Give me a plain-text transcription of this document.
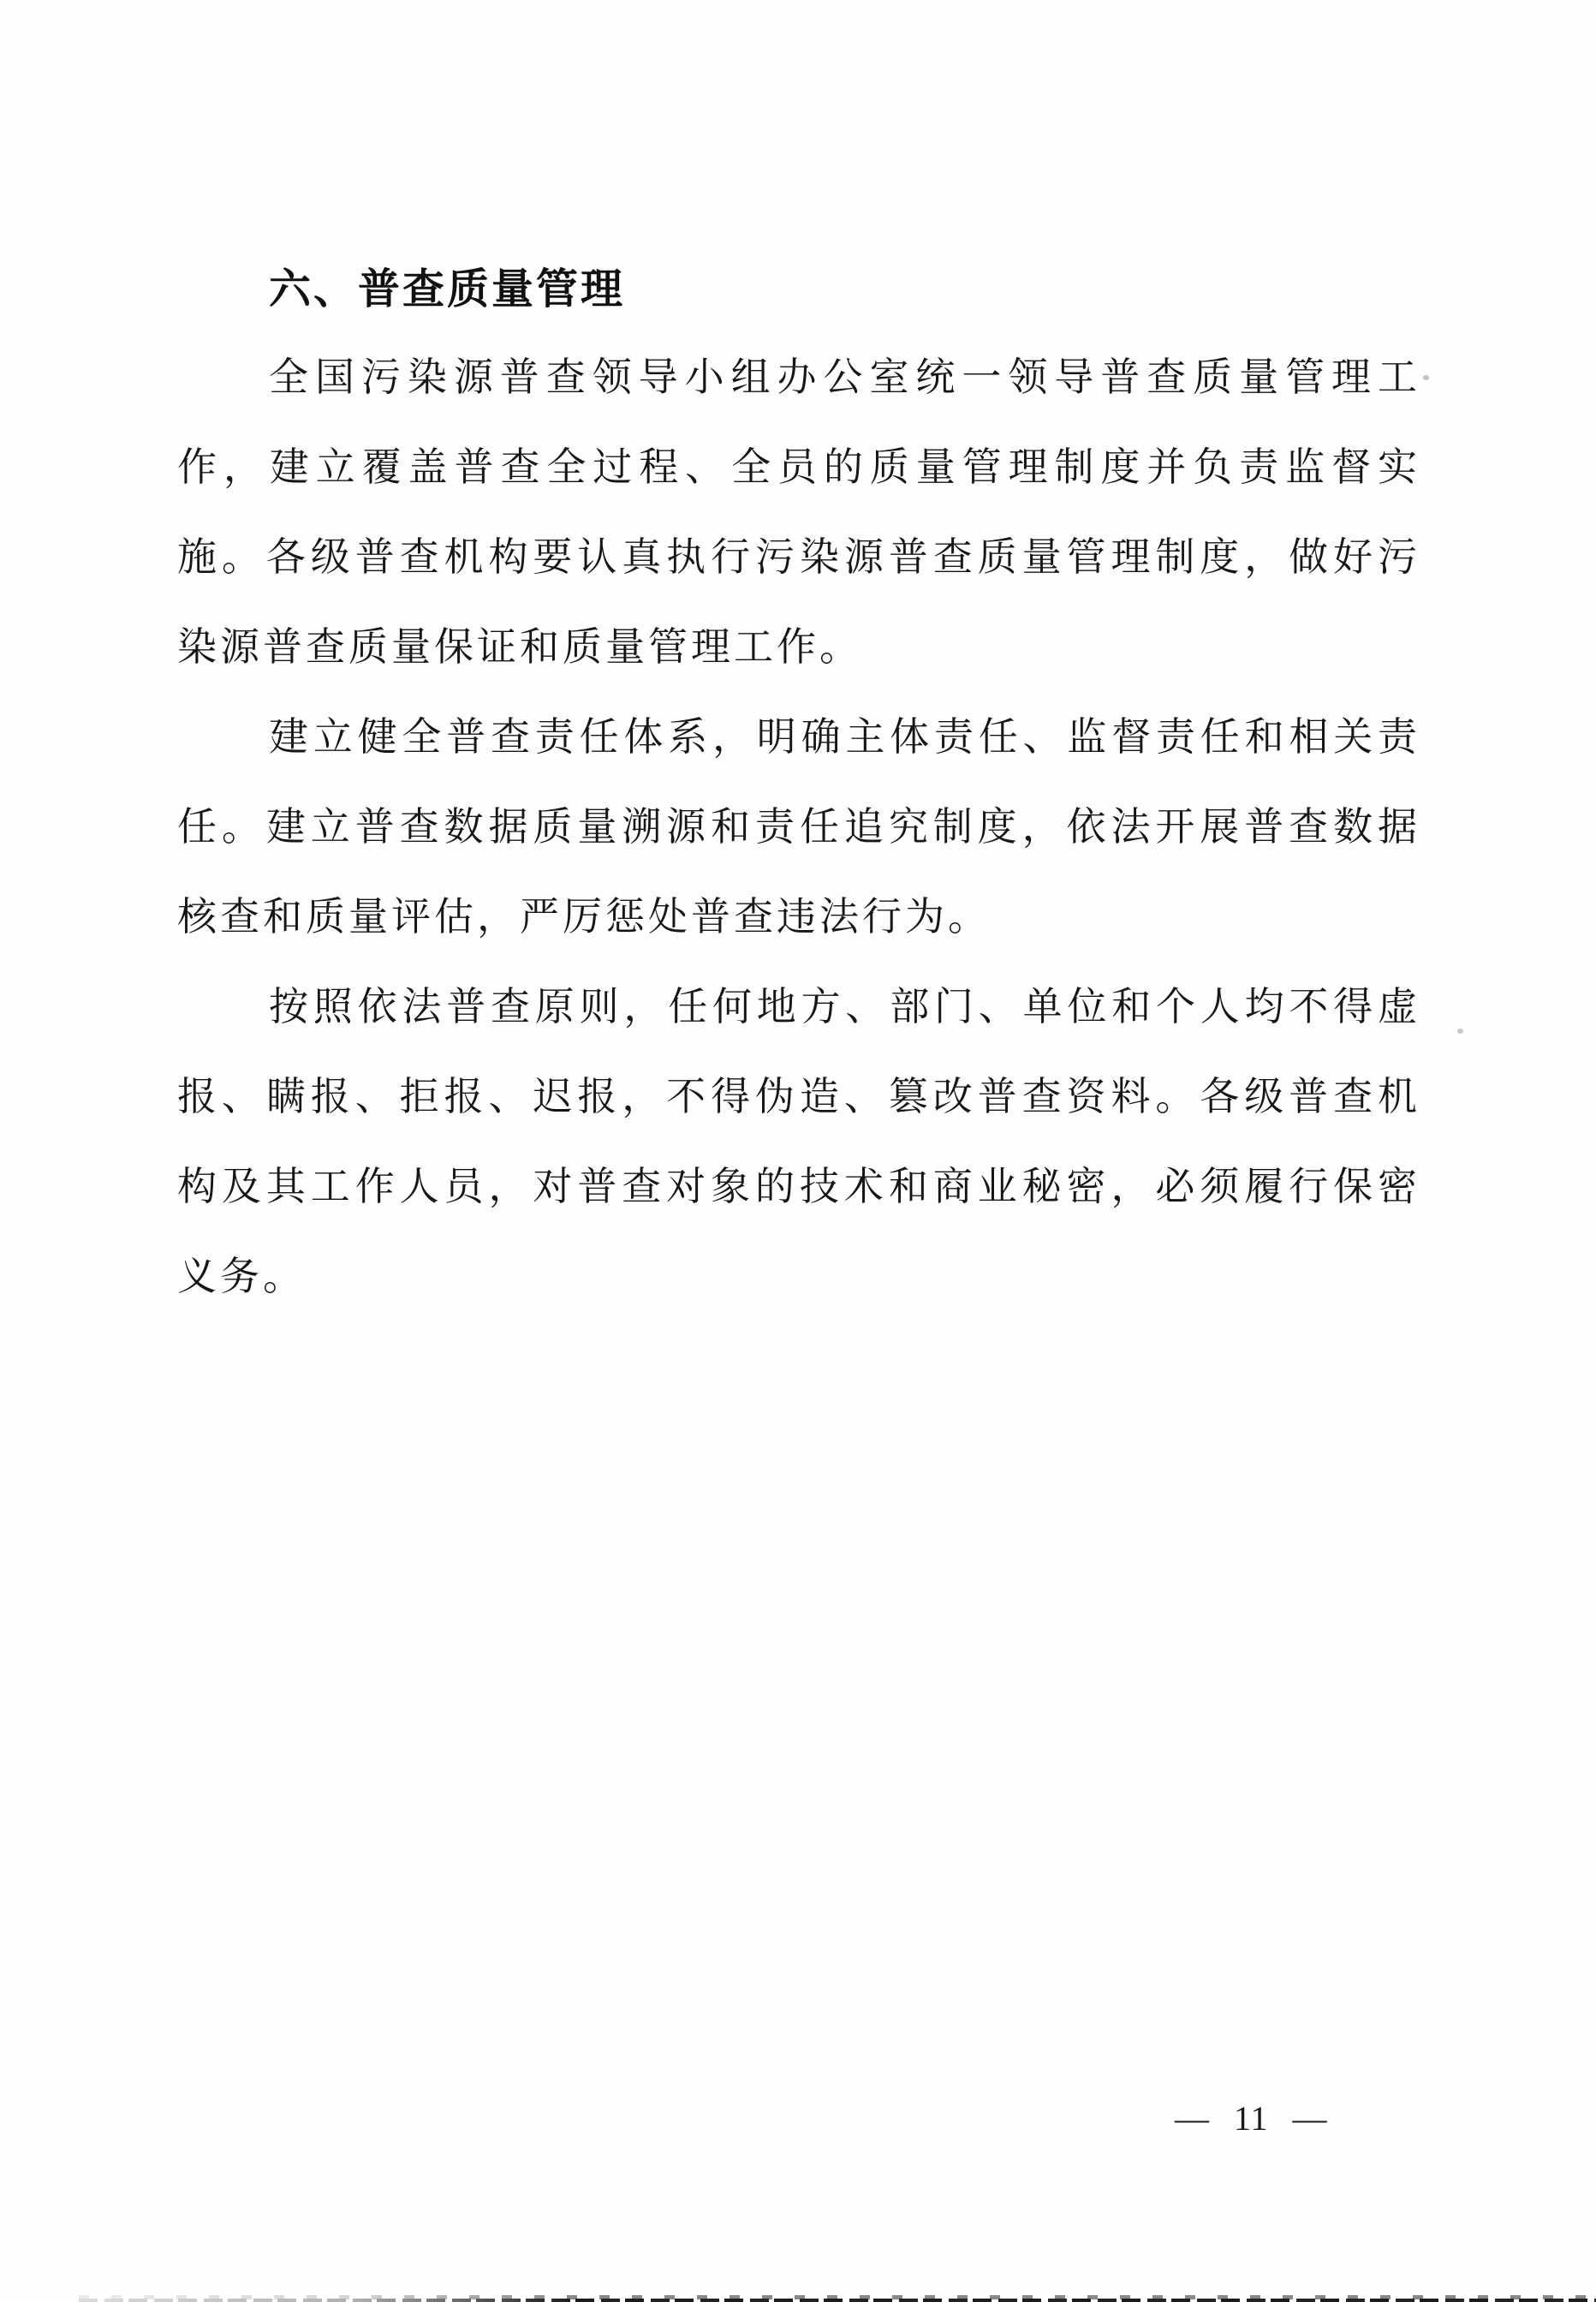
六、普查质量管理
全国污染源普查领导小组办公室统一领导普查质量管理工
作，建立覆盖普查全过程、全员的质量管理制度并负责监督实
施。各级普查机构要认真执行污染源普查质量管理制度，做好污
染源普查质量保证和质量管理工作。
建立健全普查责任体系，明确主体责任、监督责任和相关责
任。建立普查数据质量溯源和责任追究制度，依法开展普查数据
核查和质量评估，严厉惩处普查违法行为。
按照依法普查原则，任何地方、部门、单位和个人均不得虚
报、瞒报、拒报、迟报，不得伪造、篡改普查资料。各级普查机
构及其工作人员，对普查对象的技术和商业秘密，必须履行保密
义务。
— 11 —
